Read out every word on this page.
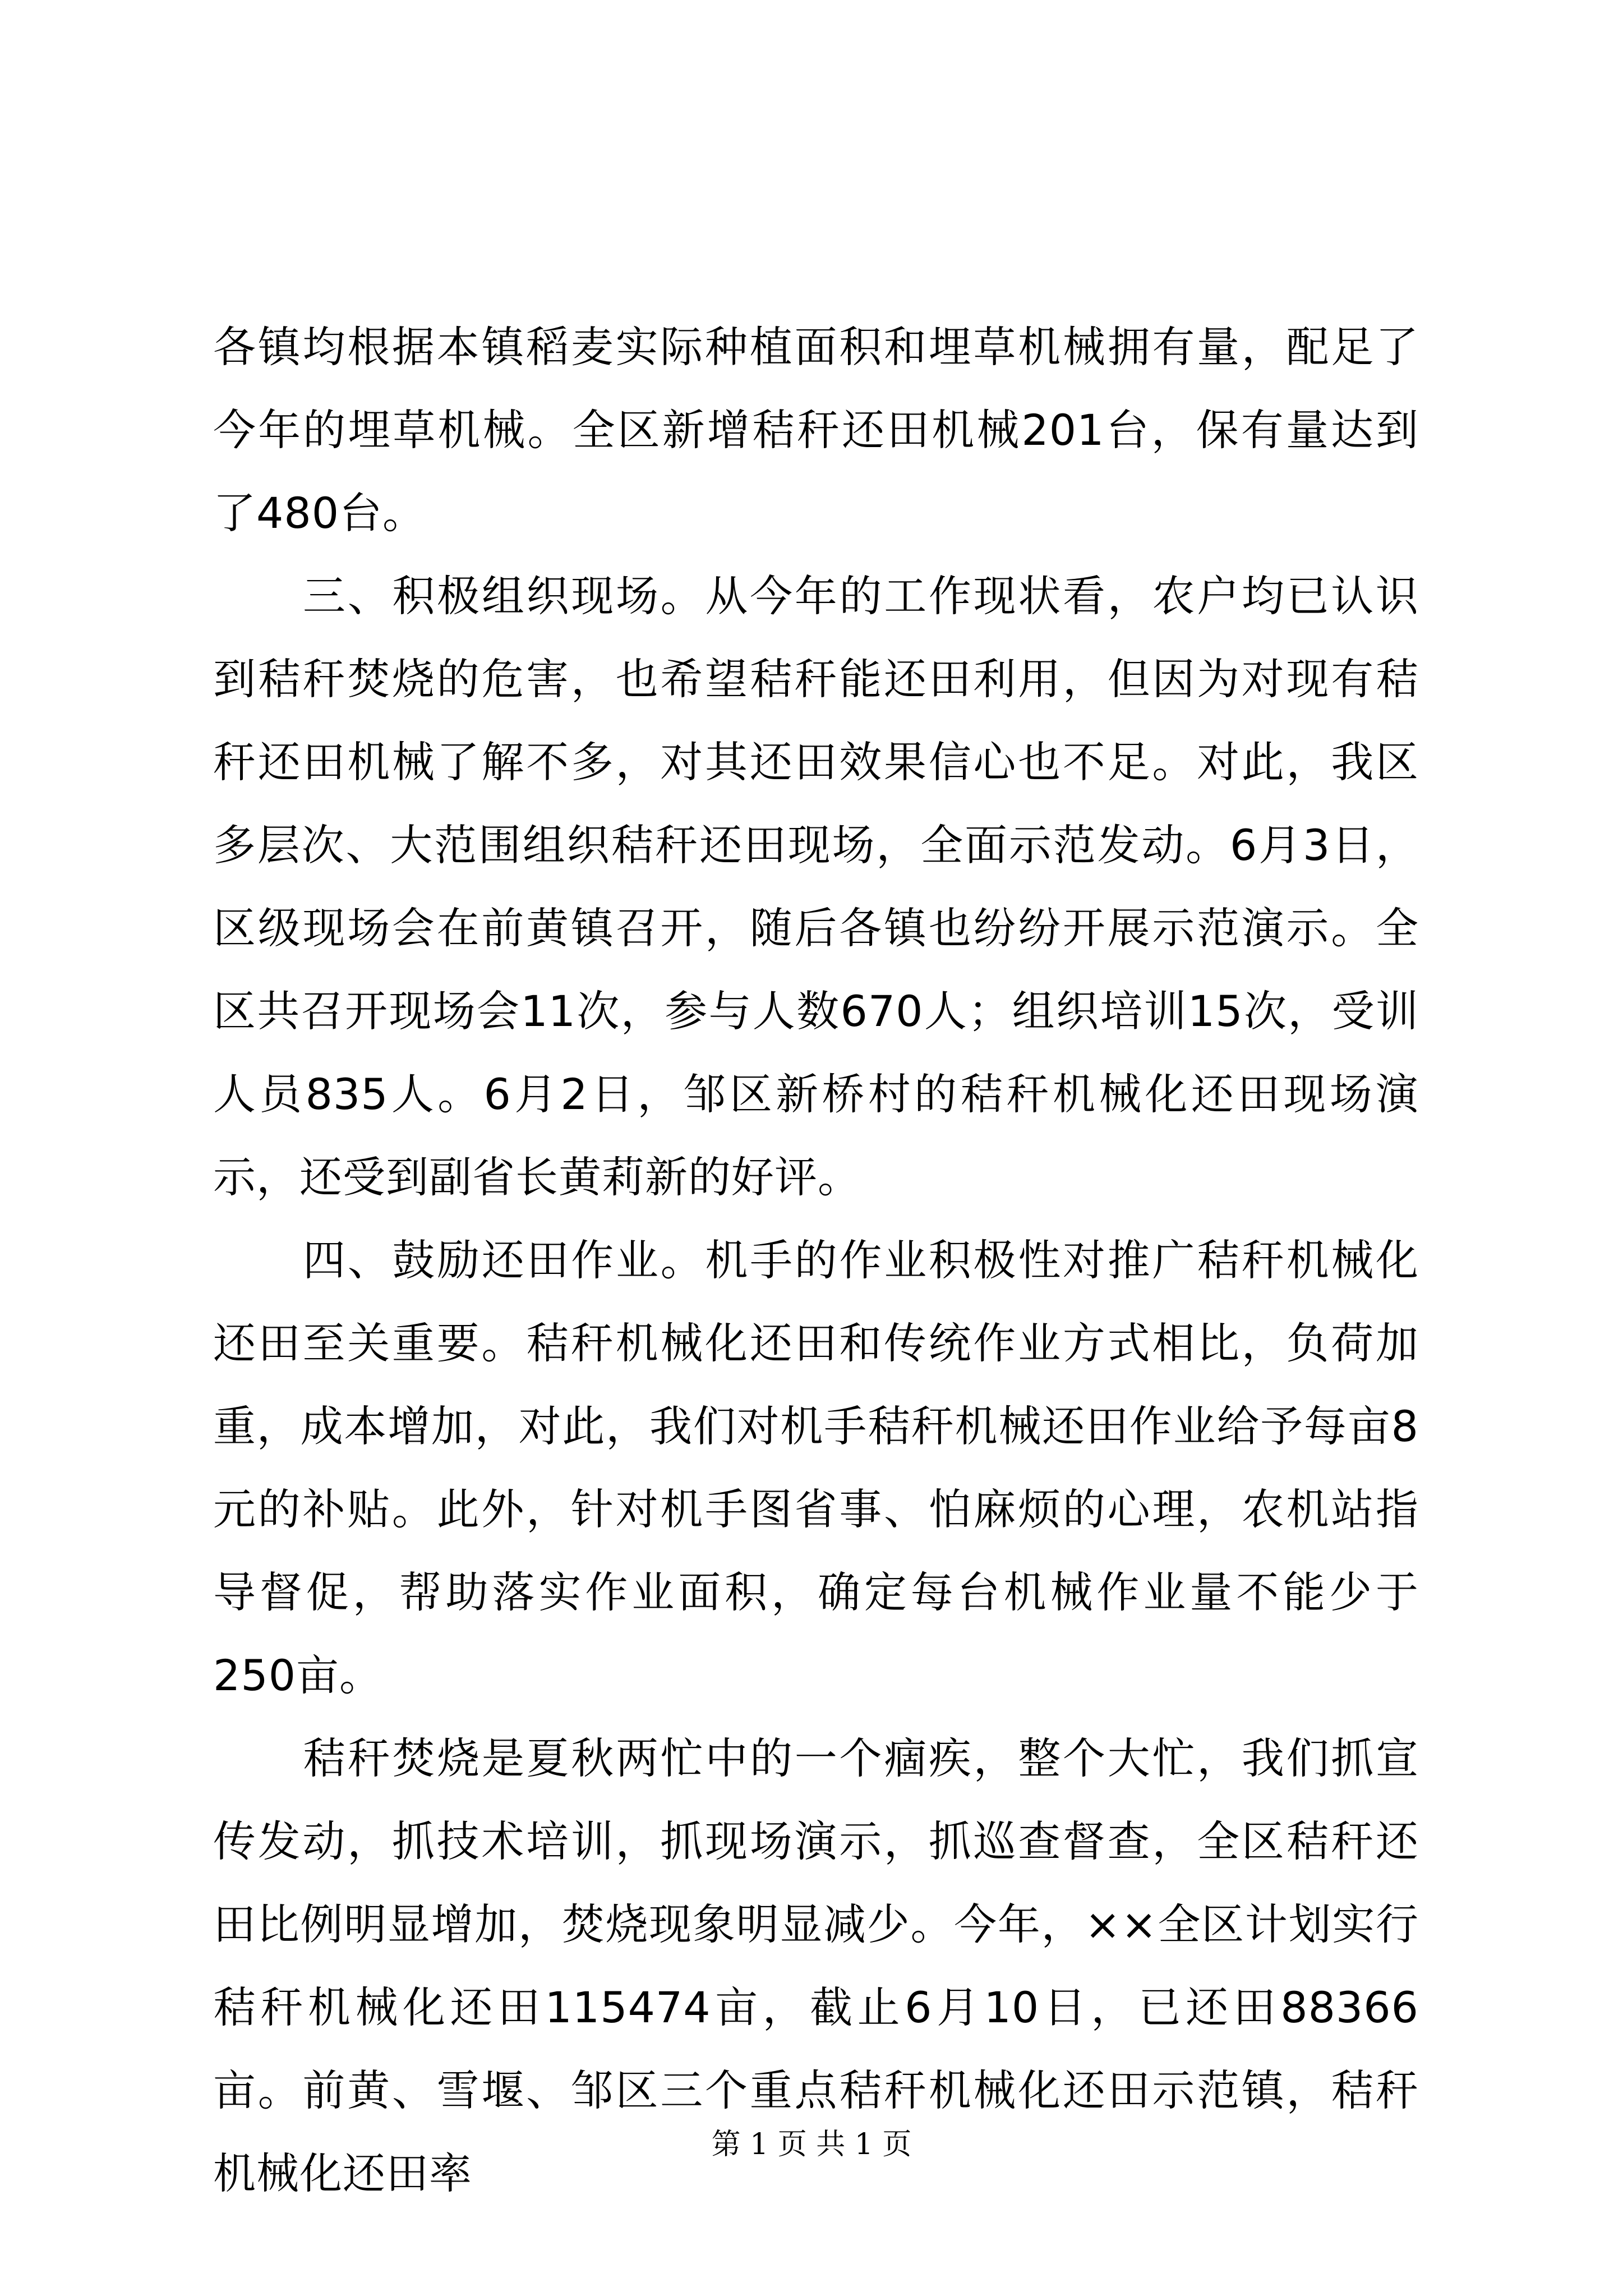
各镇均根据本镇稻麦实际种植面积和埋草机械拥有量，配足了今年的埋草机械。全区新增秸秆还田机械201台，保有量达到了480台。

三、积极组织现场。从今年的工作现状看，农户均已认识到秸秆焚烧的危害，也希望秸秆能还田利用，但因为对现有秸秆还田机械了解不多，对其还田效果信心也不足。对此，我区多层次、大范围组织秸秆还田现场，全面示范发动。6月3日，区级现场会在前黄镇召开，随后各镇也纷纷开展示范演示。全区共召开现场会11次，参与人数670人；组织培训15次，受训人员835人。6月2日，邹区新桥村的秸秆机械化还田现场演示，还受到副省长黄莉新的好评。

四、鼓励还田作业。机手的作业积极性对推广秸秆机械化还田至关重要。秸秆机械化还田和传统作业方式相比，负荷加重，成本增加，对此，我们对机手秸秆机械还田作业给予每亩8元的补贴。此外，针对机手图省事、怕麻烦的心理，农机站指导督促，帮助落实作业面积，确定每台机械作业量不能少于250亩。

秸秆焚烧是夏秋两忙中的一个痼疾，整个大忙，我们抓宣传发动，抓技术培训，抓现场演示，抓巡查督查，全区秸秆还田比例明显增加，焚烧现象明显减少。今年，××全区计划实行秸秆机械化还田115474亩，截止6月10日，已还田88366亩。前黄、雪堰、邹区三个重点秸秆机械化还田示范镇，秸秆机械化还田率

第 1 页 共 1 页
